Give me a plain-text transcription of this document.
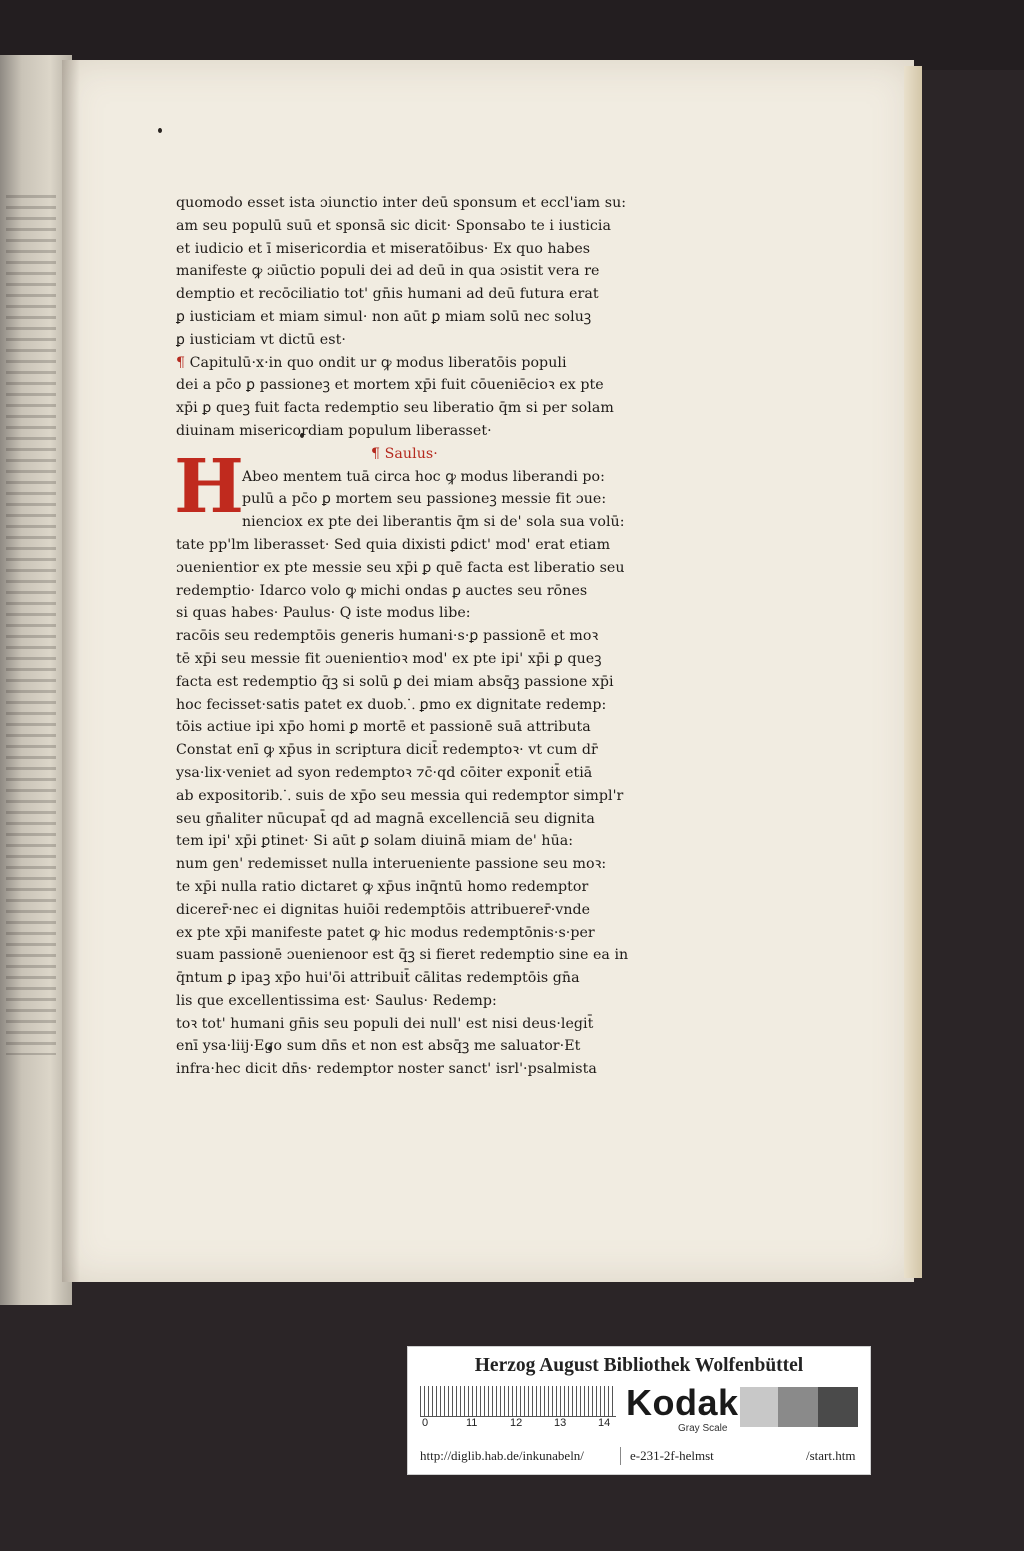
H
quomodo esset ista ɔiunctio inter deū sponsum et eccl'iam su:
am seu populū suū et sponsā sic dicit· Sponsabo te i iusticia
et iudicio et ī misericordia et miseratōibus· Ex quo habes
manifeste ꝙ ɔiūctio populi dei ad deū in qua ɔsistit vera re
demptio et recōciliatio tot' gn̄is humani ad deū futura erat
ꝑ iusticiam et miam simul· non aūt ꝑ miam solū nec soluꝫ
ꝑ iusticiam vt dictū est·
¶ Capitulū·x·in quo ondit ur ꝙ modus liberatōis populi
dei a pc̄o ꝑ passioneꝫ et mortem xp̄i fuit cōueniēcioꝛ ex pte
xp̄i ꝑ queꝫ fuit facta redemptio seu liberatio q̄m si per solam
diuinam misericordiam populum liberasset·
¶ Saulus·
Abeo mentem tuā circa hoc ꝙ modus liberandi po:
pulū a pc̄o ꝑ mortem seu passioneꝫ messie fit ɔue:
nienciox ex pte dei liberantis q̄m si de' sola sua volū:
tate pp'lm liberasset· Sed quia dixisti ꝑdict' mod' erat etiam
ɔuenientior ex pte messie seu xp̄i ꝑ quē facta est liberatio seu
redemptio· Idarco volo ꝙ michi ondas ꝑ auctes seu rōnes
si quas habes· Paulus· Q iste modus libe:
racōis seu redemptōis generis humani·s·ꝑ passionē et moꝛ
tē xp̄i seu messie fit ɔuenientioꝛ mod' ex pte ipi' xp̄i ꝑ queꝫ
facta est redemptio q̄ꝫ si solū ꝑ dei miam absq̄ꝫ passione xp̄i
hoc fecisset·satis patet ex duob⸫ ꝑmo ex dignitate redemp:
tōis actiue ipi xp̄o homi ꝑ mortē et passionē suā attributa
Constat enī ꝙ xp̄us in scriptura dicit̄ redemptoꝛ· vt cum dr̄
ysa·lix·veniet ad syon redemptoꝛ ⁊c̄·qd cōiter exponit̄ etiā
ab expositorib⸫ suis de xp̄o seu messia qui redemptor simpl'r
seu gn̄aliter nūcupat̄ qd ad magnā excellenciā seu dignita
tem ipi' xp̄i ꝑtinet· Si aūt ꝑ solam diuinā miam de' hūa:
num gen' redemisset nulla interueniente passione seu moꝛ:
te xp̄i nulla ratio dictaret ꝙ xp̄us inq̄ntū homo redemptor
dicerer̄·nec ei dignitas huiōi redemptōis attribuerer̄·vnde
ex pte xp̄i manifeste patet ꝙ hic modus redemptōnis·s·per
suam passionē ɔuenienoor est q̄ꝫ si fieret redemptio sine ea in
q̄ntum ꝑ ipaꝫ xp̄o hui'ōi attribuit̄ cālitas redemptōis gn̄a
lis que excellentissima est· Saulus· Redemp:
toꝛ tot' humani gn̄is seu populi dei null' est nisi deus·legit̄
enī ysa·liij·Ego sum dn̄s et non est absq̄ꝫ me saluator·Et
infra·hec dicit dn̄s· redemptor noster sanct' isrl'·psalmista
Herzog August Bibliothek Wolfenbüttel
0	11	12	13	14 Kodak
Gray Scale
http://diglib.hab.de/inkunabeln/	e-231-2f-helmst	/start.htm
